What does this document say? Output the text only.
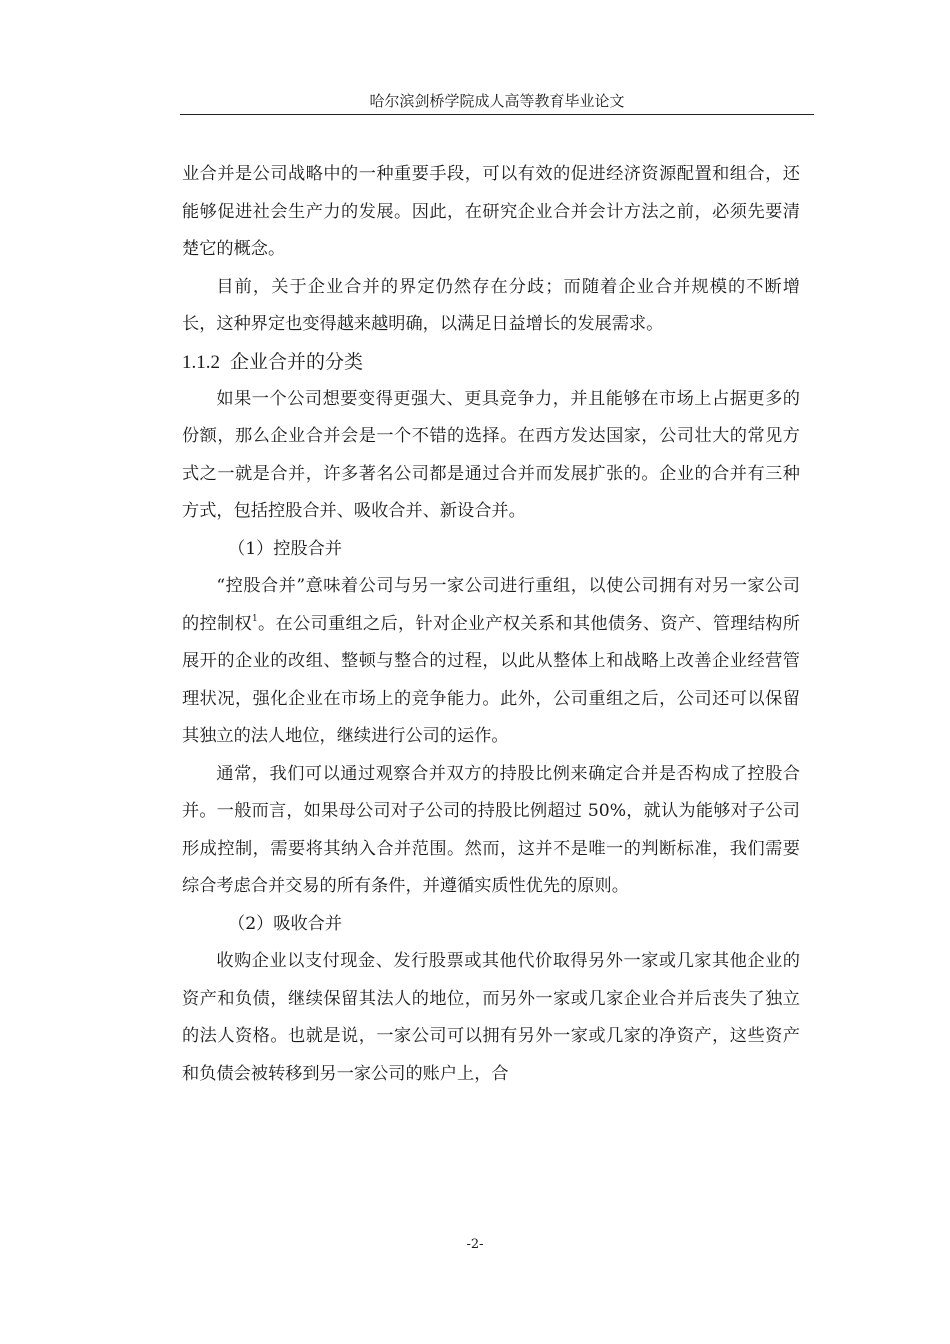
哈尔滨剑桥学院成人高等教育毕业论文

业合并是公司战略中的一种重要手段，可以有效的促进经济资源配置和组合，还能够促进社会生产力的发展。因此，在研究企业合并会计方法之前，必须先要清楚它的概念。

目前，关于企业合并的界定仍然存在分歧；而随着企业合并规模的不断增长，这种界定也变得越来越明确，以满足日益增长的发展需求。

1.1.2 企业合并的分类

如果一个公司想要变得更强大、更具竞争力，并且能够在市场上占据更多的份额，那么企业合并会是一个不错的选择。在西方发达国家，公司壮大的常见方式之一就是合并，许多著名公司都是通过合并而发展扩张的。企业的合并有三种方式，包括控股合并、吸收合并、新设合并。

（1）控股合并

“控股合并”意味着公司与另一家公司进行重组，以使公司拥有对另一家公司的控制权$^1$。在公司重组之后，针对企业产权关系和其他债务、资产、管理结构所展开的企业的改组、整顿与整合的过程，以此从整体上和战略上改善企业经营管理状况，强化企业在市场上的竞争能力。此外，公司重组之后，公司还可以保留其独立的法人地位，继续进行公司的运作。

通常，我们可以通过观察合并双方的持股比例来确定合并是否构成了控股合并。一般而言，如果母公司对子公司的持股比例超过 50%，就认为能够对子公司形成控制，需要将其纳入合并范围。然而，这并不是唯一的判断标准，我们需要综合考虑合并交易的所有条件，并遵循实质性优先的原则。

（2）吸收合并

收购企业以支付现金、发行股票或其他代价取得另外一家或几家其他企业的资产和负债，继续保留其法人的地位，而另外一家或几家企业合并后丧失了独立的法人资格。也就是说，一家公司可以拥有另外一家或几家的净资产，这些资产和负债会被转移到另一家公司的账户上，合

-2-
